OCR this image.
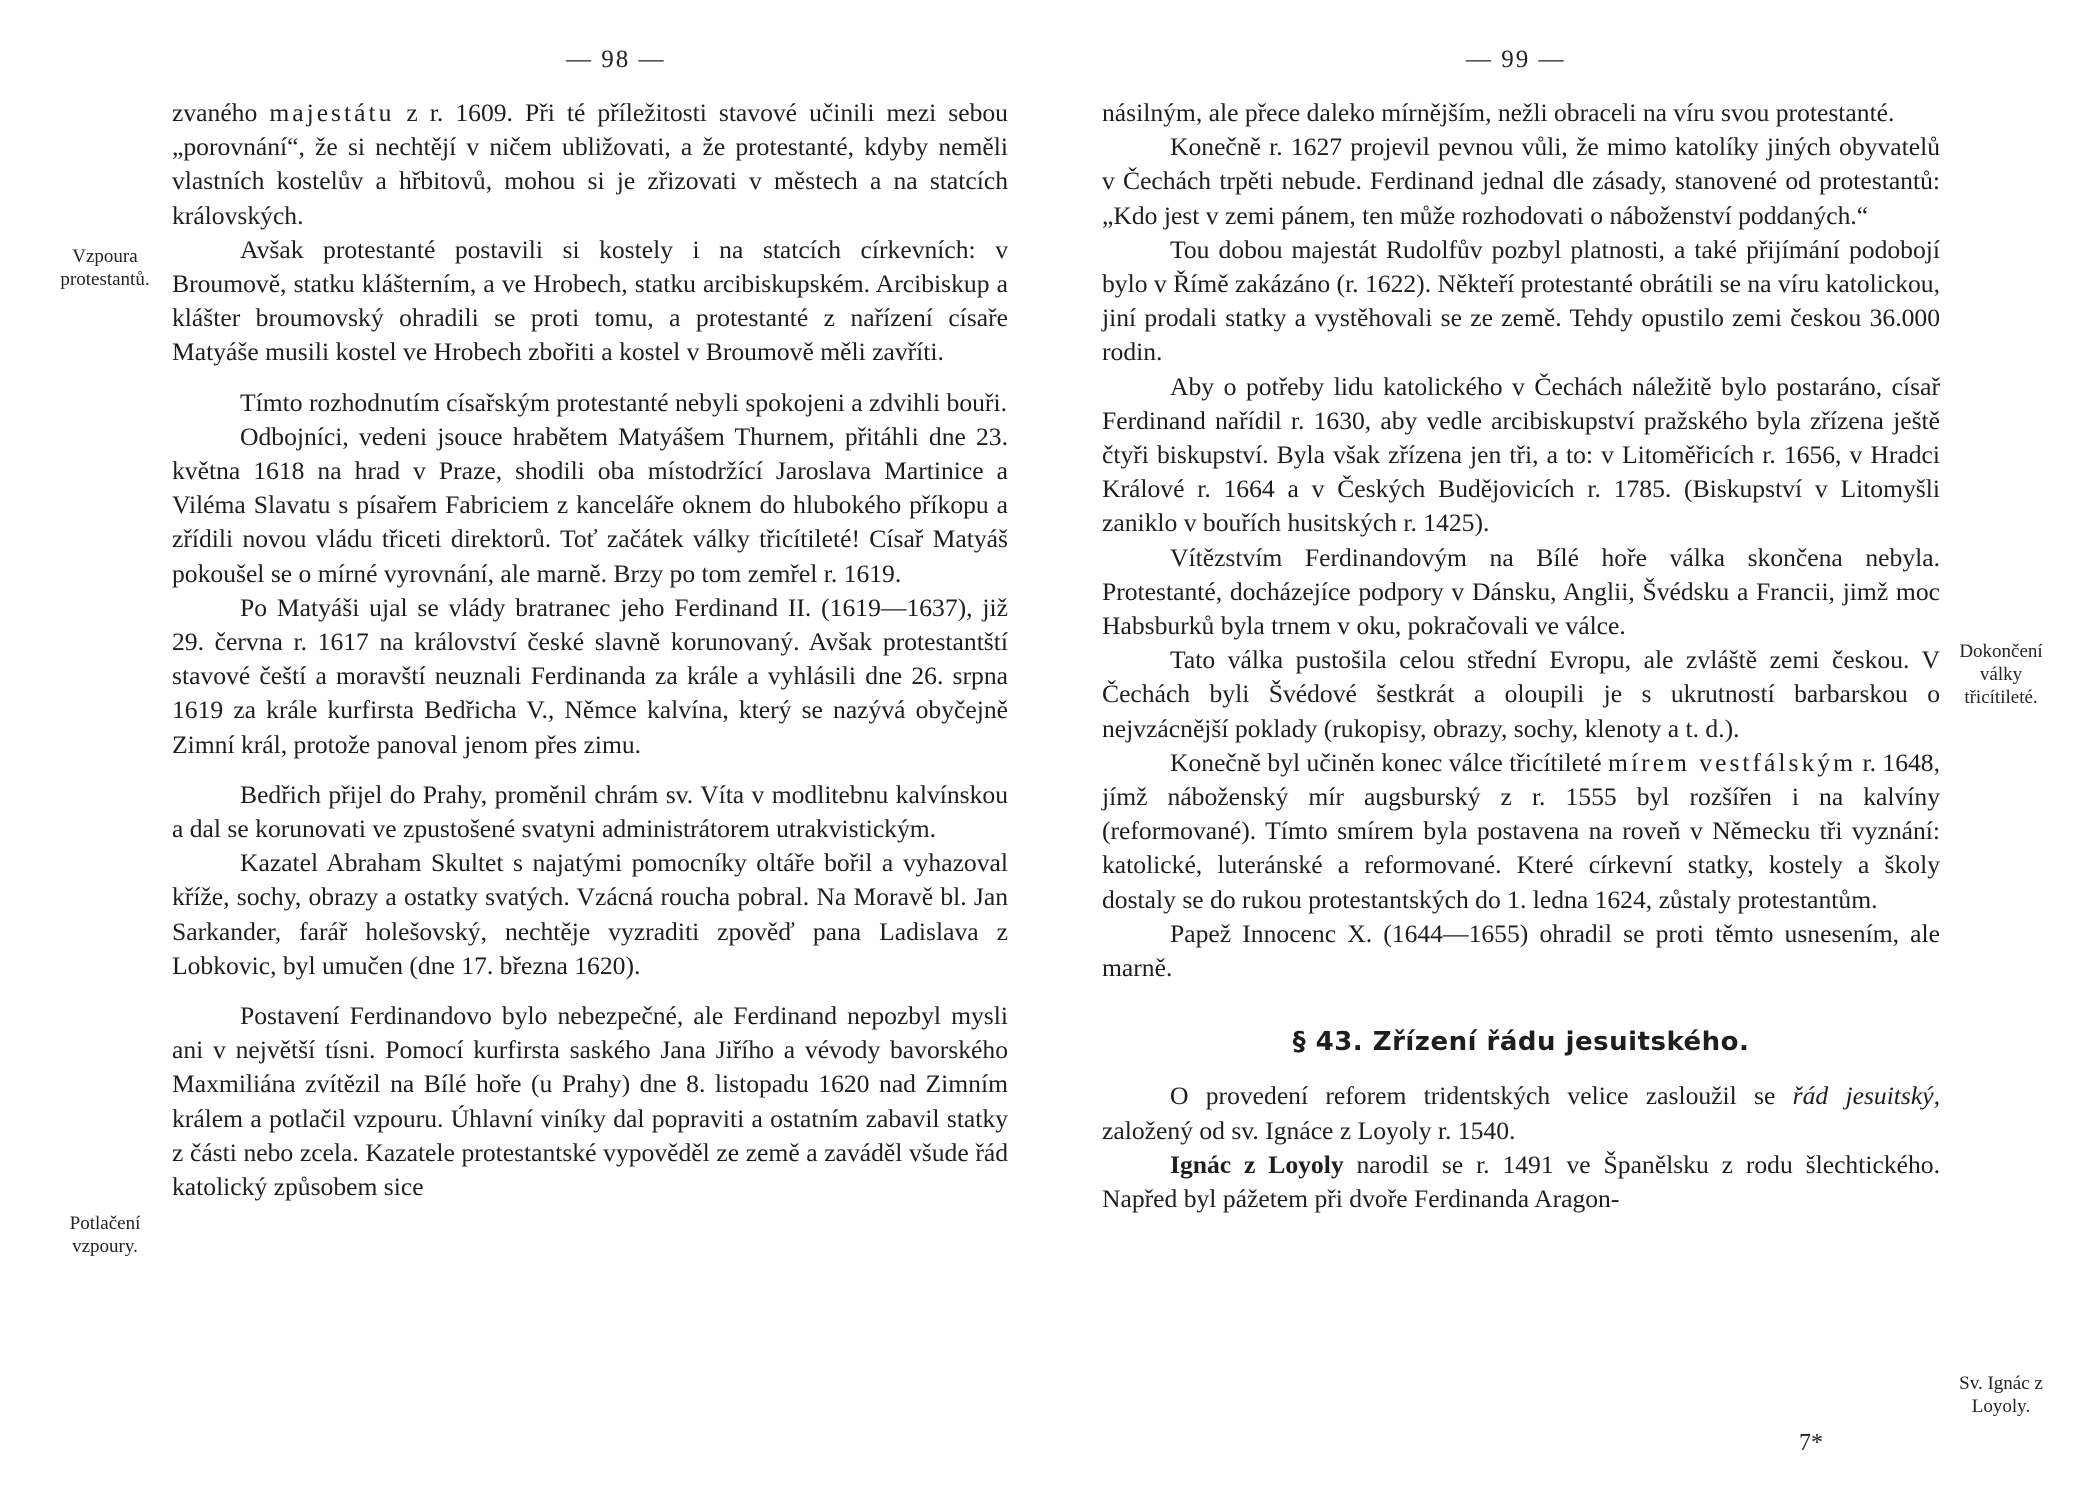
— 98 —
Vzpoura protestantů.
Potlačení vzpoury.

zvaného majestátu z r. 1609. Při té příležitosti stavové učinili mezi sebou „porovnání“, že si nechtějí v ničem ubližovati, a že protestanté, kdyby neměli vlastních kostelův a hřbitovů, mohou si je zřizovati v městech a na statcích královských.

Avšak protestanté postavili si kostely i na statcích církevních: v Broumově, statku klášterním, a ve Hrobech, statku arcibiskupském. Arcibiskup a klášter broumovský ohradili se proti tomu, a protestanté z nařízení císaře Matyáše musili kostel ve Hrobech zbořiti a kostel v Broumově měli zavříti.

Tímto rozhodnutím císařským protestanté nebyli spokojeni a zdvihli bouři.

Odbojníci, vedeni jsouce hrabětem Matyášem Thurnem, přitáhli dne 23. května 1618 na hrad v Praze, shodili oba místodržící Jaroslava Martinice a Viléma Slavatu s písařem Fabriciem z kanceláře oknem do hlubokého příkopu a zřídili novou vládu třiceti direktorů. Toť začátek války třicítileté! Císař Matyáš pokoušel se o mírné vyrovnání, ale marně. Brzy po tom zemřel r. 1619.

Po Matyáši ujal se vlády bratranec jeho Ferdinand II. (1619—1637), již 29. června r. 1617 na království české slavně korunovaný. Avšak protestantští stavové čeští a moravští neuznali Ferdinanda za krále a vyhlásili dne 26. srpna 1619 za krále kurfirsta Bedřicha V., Němce kalvína, který se nazývá obyčejně Zimní král, protože panoval jenom přes zimu.

Bedřich přijel do Prahy, proměnil chrám sv. Víta v modlitebnu kalvínskou a dal se korunovati ve zpustošené svatyni administrátorem utrakvistickým.

Kazatel Abraham Skultet s najatými pomocníky oltáře bořil a vyhazoval kříže, sochy, obrazy a ostatky svatých. Vzácná roucha pobral. Na Moravě bl. Jan Sarkander, farář holešovský, nechtěje vyzraditi zpověď pana Ladislava z Lobkovic, byl umučen (dne 17. března 1620).

Postavení Ferdinandovo bylo nebezpečné, ale Ferdinand nepozbyl mysli ani v největší tísni. Pomocí kurfirsta saského Jana Jiřího a vévody bavorského Maxmiliána zvítězil na Bílé hoře (u Prahy) dne 8. listopadu 1620 nad Zimním králem a potlačil vzpouru. Úhlavní viníky dal popraviti a ostatním zabavil statky z části nebo zcela. Kazatele protestantské vypověděl ze země a zaváděl všude řád katolický způsobem sice

— 99 —
Dokončení války třicítileté.
Sv. Ignác z Loyoly.

násilným, ale přece daleko mírnějším, nežli obraceli na víru svou protestanté.

Konečně r. 1627 projevil pevnou vůli, že mimo katolíky jiných obyvatelů v Čechách trpěti nebude. Ferdinand jednal dle zásady, stanovené od protestantů: „Kdo jest v zemi pánem, ten může rozhodovati o náboženství poddaných.“

Tou dobou majestát Rudolfův pozbyl platnosti, a také přijímání podobojí bylo v Římě zakázáno (r. 1622). Někteří protestanté obrátili se na víru katolickou, jiní prodali statky a vystěhovali se ze země. Tehdy opustilo zemi českou 36.000 rodin.

Aby o potřeby lidu katolického v Čechách náležitě bylo postaráno, císař Ferdinand nařídil r. 1630, aby vedle arcibiskupství pražského byla zřízena ještě čtyři biskupství. Byla však zřízena jen tři, a to: v Litoměřicích r. 1656, v Hradci Králové r. 1664 a v Českých Budějovicích r. 1785. (Biskupství v Litomyšli zaniklo v bouřích husitských r. 1425).

Vítězstvím Ferdinandovým na Bílé hoře válka skončena nebyla. Protestanté, docházejíce podpory v Dánsku, Anglii, Švédsku a Francii, jimž moc Habsburků byla trnem v oku, pokračovali ve válce.

Tato válka pustošila celou střední Evropu, ale zvláště zemi českou. V Čechách byli Švédové šestkrát a oloupili je s ukrutností barbarskou o nejvzácnější poklady (rukopisy, obrazy, sochy, klenoty a t. d.).

Konečně byl učiněn konec válce třicítileté mírem vestfálským r. 1648, jímž náboženský mír augsburský z r. 1555 byl rozšířen i na kalvíny (reformované). Tímto smírem byla postavena na roveň v Německu tři vyznání: katolické, luteránské a reformované. Které církevní statky, kostely a školy dostaly se do rukou protestantských do 1. ledna 1624, zůstaly protestantům.

Papež Innocenc X. (1644—1655) ohradil se proti těmto usnesením, ale marně.

§ 43. Zřízení řádu jesuitského.

O provedení reforem tridentských velice zasloužil se řád jesuitský, založený od sv. Ignáce z Loyoly r. 1540.

Ignác z Loyoly narodil se r. 1491 ve Španělsku z rodu šlechtického. Napřed byl pážetem při dvoře Ferdinanda Aragon-

7*
